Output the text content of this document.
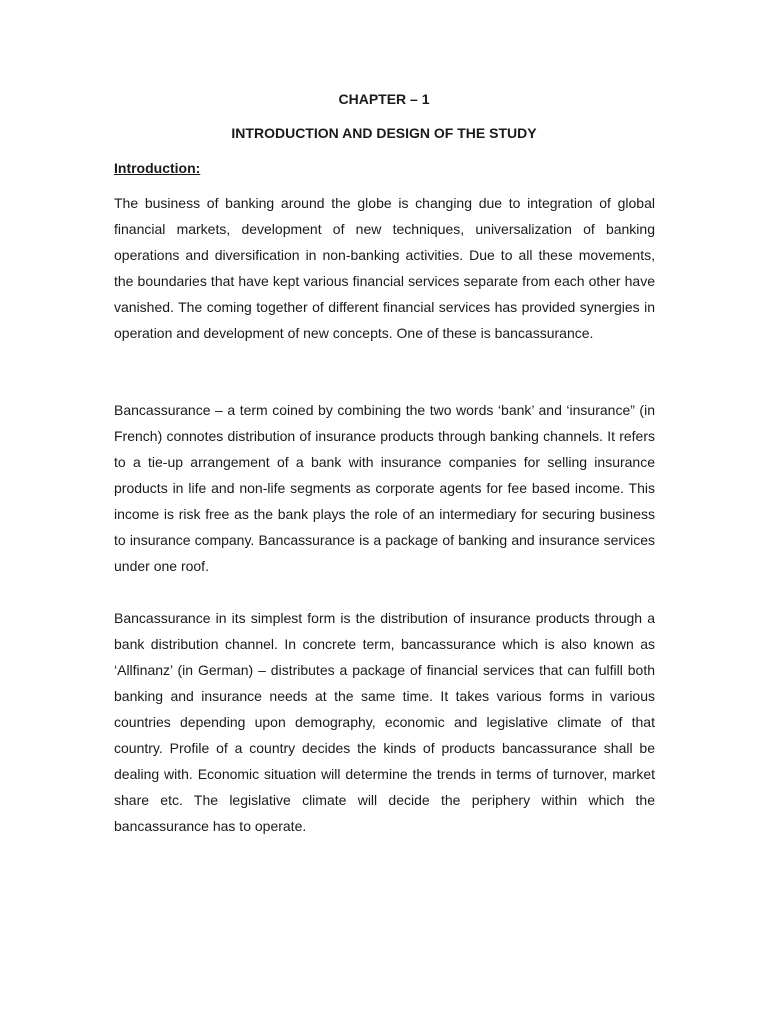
CHAPTER – 1
INTRODUCTION AND DESIGN OF THE STUDY
Introduction:

The business of banking around the globe is changing due to integration of global financial markets, development of new techniques, universalization of banking operations and diversification in non-banking activities. Due to all these movements, the boundaries that have kept various financial services separate from each other have vanished. The coming together of different financial services has provided synergies in operation and development of new concepts. One of these is bancassurance.

Bancassurance – a term coined by combining the two words ‘bank’ and ‘insurance” (in French) connotes distribution of insurance products through banking channels. It refers to a tie-up arrangement of a bank with insurance companies for selling insurance products in life and non-life segments as corporate agents for fee based income. This income is risk free as the bank plays the role of an intermediary for securing business to insurance company. Bancassurance is a package of banking and insurance services under one roof.

Bancassurance in its simplest form is the distribution of insurance products through a bank distribution channel. In concrete term, bancassurance which is also known as ‘Allfinanz’ (in German) – distributes a package of financial services that can fulfill both banking and insurance needs at the same time. It takes various forms in various countries depending upon demography, economic and legislative climate of that country. Profile of a country decides the kinds of products bancassurance shall be dealing with. Economic situation will determine the trends in terms of turnover, market share etc. The legislative climate will decide the periphery within which the bancassurance has to operate.
